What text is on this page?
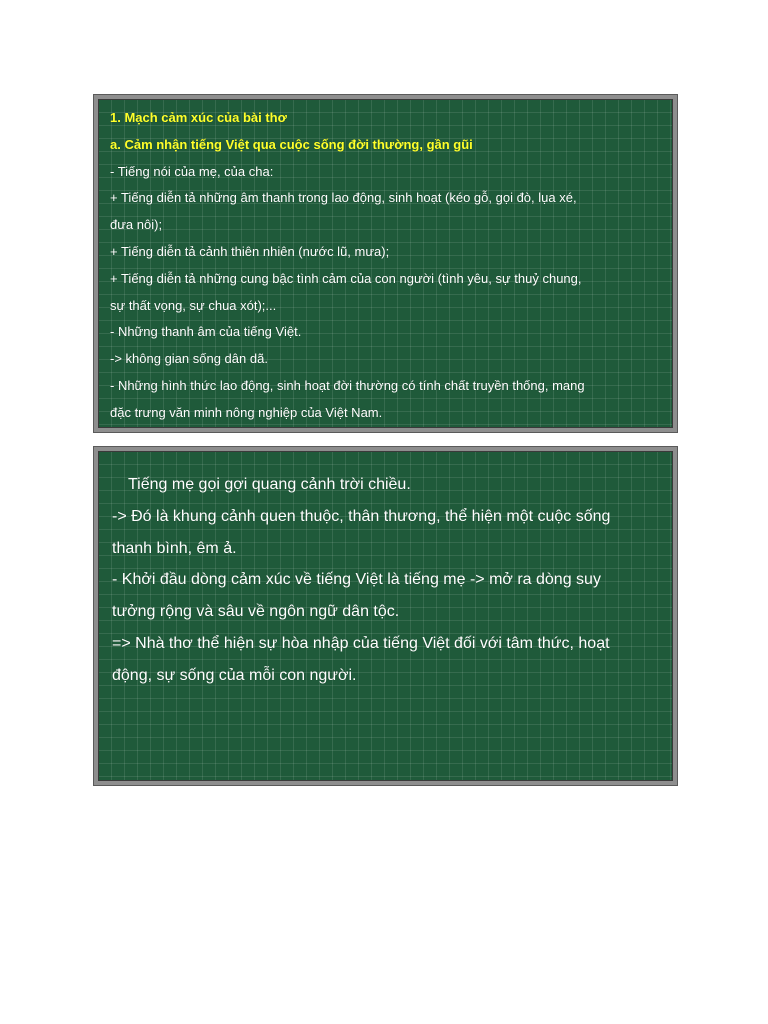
1. Mạch cảm xúc của bài thơ
a. Cảm nhận tiếng Việt qua cuộc sống đời thường, gần gũi
- Tiếng nói của mẹ, của cha:
+ Tiếng diễn tả những âm thanh trong lao động, sinh hoạt (kéo gỗ, gọi đò, lụa xé,
đưa nôi);
+ Tiếng diễn tả cảnh thiên nhiên (nước lũ, mưa);
+ Tiếng diễn tả những cung bậc tình cảm của con người (tình yêu, sự thuỷ chung,
sự thất vọng, sự chua xót);...
- Những thanh âm của tiếng Việt.
-> không gian sống dân dã.
- Những hình thức lao động, sinh hoạt đời thường có tính chất truyền thống, mang
đặc trưng văn minh nông nghiệp của Việt Nam.
Tiếng mẹ gọi gợi quang cảnh trời chiều.
-> Đó là khung cảnh quen thuộc, thân thương, thể hiện một cuộc sống
thanh bình, êm ả.
- Khởi đầu dòng cảm xúc về tiếng Việt là tiếng mẹ -> mở ra dòng suy
tưởng rộng và sâu về ngôn ngữ dân tộc.
=> Nhà thơ thể hiện sự hòa nhập của tiếng Việt đối với tâm thức, hoạt
động, sự sống của mỗi con người.
